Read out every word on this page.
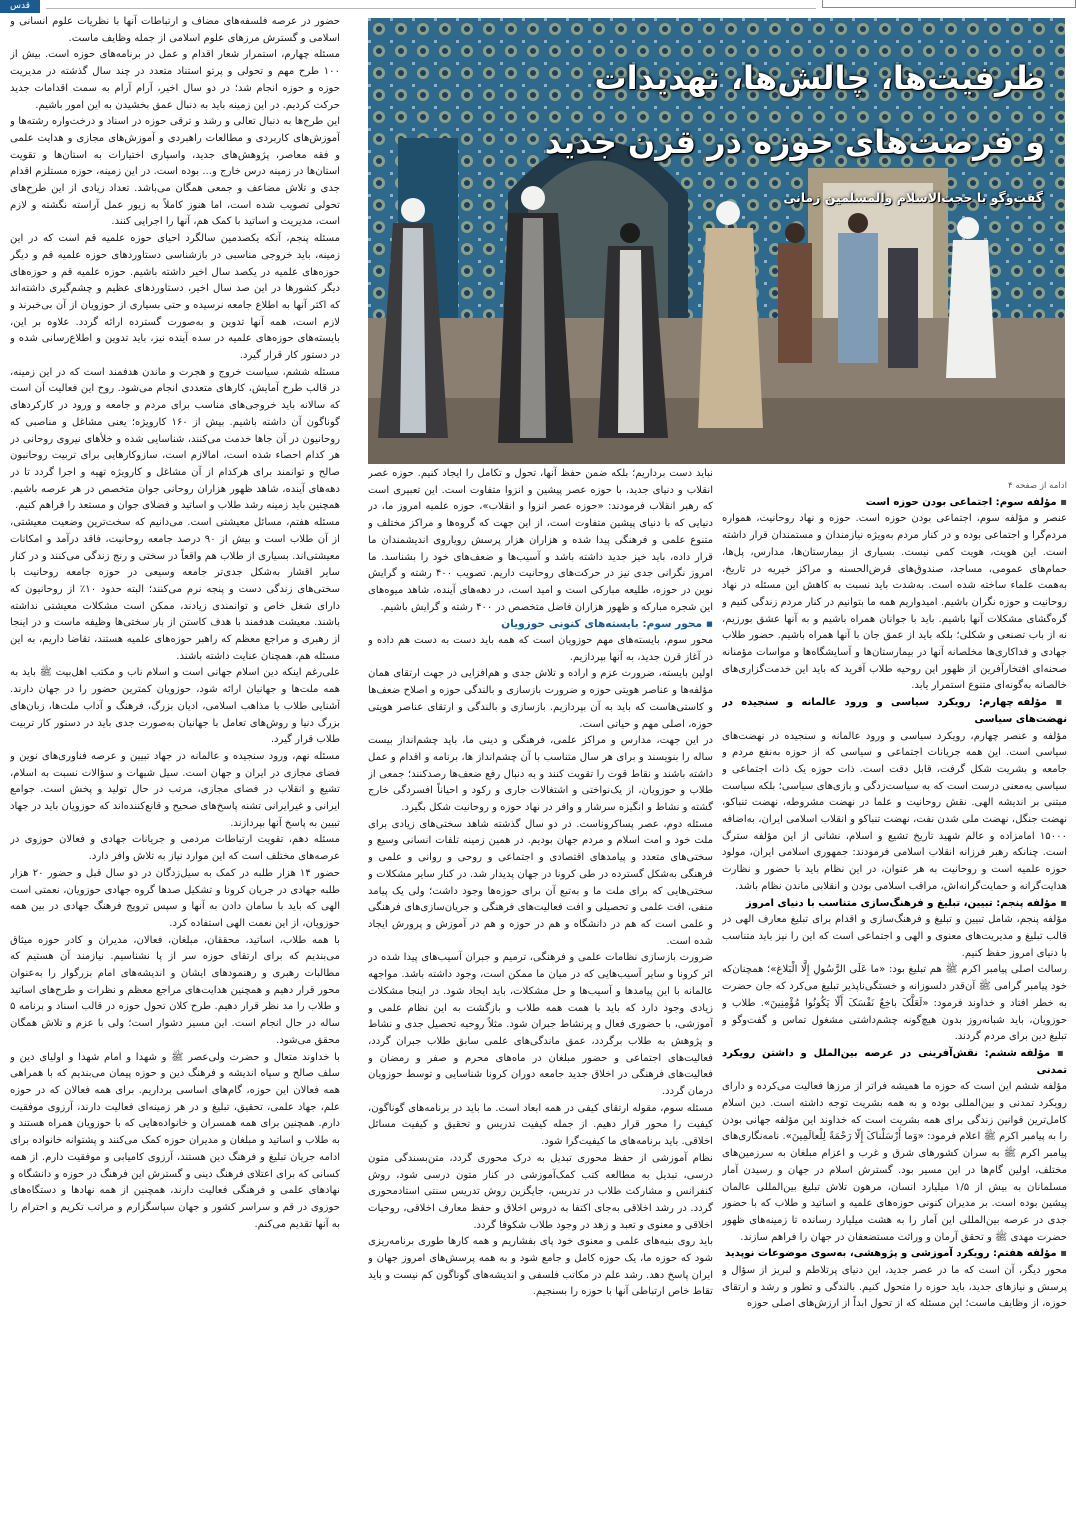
قدس
ظرفیت‌ها، چالش‌ها، تهدیدات
و فرصت‌های حوزه در قرن جدید
گفت‌وگو با حجت‌الاسلام والمسلمین زمانی

حضور در عرصه فلسفه‌های مضاف و ارتباطات آنها با نظریات علوم انسانی و اسلامی و گسترش مرزهای علوم اسلامی از جمله وظایف ماست.

مسئله چهارم، استمرار شعار اقدام و عمل در برنامه‌های حوزه است. بیش از ۱۰۰ طرح مهم و تحولی و پرتو استناد متعدد در چند سال گذشته در مدیریت حوزه و حوزه انجام شد؛ در دو سال اخیر، آرام آرام به سمت اقدامات جدید حرکت کردیم. در این زمینه باید به دنبال عمق بخشیدن به این امور باشیم.

این طرح‌ها به دنبال تعالی و رشد و ترقی حوزه در اسناد و درخت‌واره رشته‌ها و آموزش‌های کاربردی و مطالعات راهبردی و آموزش‌های مجازی و هدایت علمی و فقه معاصر، پژوهش‌های جدید، واسپاری اختیارات به استان‌ها و تقویت استان‌ها در زمینه درس خارج و... بوده است. در این زمینه، حوزه مستلزم اقدام جدی و تلاش مضاعف و جمعی همگان می‌باشد. تعداد زیادی از این طرح‌های تحولی تصویب شده است، اما هنوز کاملاً به زیور عمل آراسته نگشته و لازم است، مدیریت و اساتید با کمک هم، آنها را اجرایی کنند.

مسئله پنجم، آنکه یکصدمین سالگرد احیای حوزه علمیه قم است که در این زمینه، باید خروجی مناسبی در بازشناسی دستاوردهای حوزه علمیه قم و دیگر حوزه‌های علمیه در یکصد سال اخیر داشته باشیم. حوزه علمیه قم و حوزه‌های دیگر کشورها در این صد سال اخیر، دستاوردهای عظیم و چشم‌گیری داشته‌اند که اکثر آنها به اطلاع جامعه نرسیده و حتی بسیاری از حوزویان از آن بی‌خبرند و لازم است، همه آنها تدوین و به‌صورت گسترده ارائه گردد. علاوه بر این، بایسته‌های حوزه‌های علمیه در سده آینده نیز، باید تدوین و اطلاع‌رسانی شده و در دستور کار قرار گیرد.

مسئله ششم، سیاست خروج و هجرت و ماندن هدفمند است که در این زمینه، در قالب طرح آمایش، کارهای متعددی انجام می‌شود. روح این فعالیت آن است که سالانه باید خروجی‌های مناسب برای مردم و جامعه و ورود در کارکردهای گوناگون آن داشته باشیم. بیش از ۱۶۰ کارویژه؛ یعنی مشاغل و مناصبی که روحانیون در آن جاها خدمت می‌کنند، شناسایی شده و خلأهای نیروی روحانی در هر کدام احصاء شده است، امالازم است، سازوکارهایی برای تربیت روحانیون صالح و توانمند برای هرکدام از آن مشاغل و کارویژه تهیه و اجرا گردد تا در دهه‌های آینده، شاهد ظهور هزاران روحانی جوان متخصص در هر عرصه باشیم. همچنین باید زمینه رشد طلاب و اساتید و فضلای جوان و مستعد را فراهم کنیم.

مسئله هفتم، مسائل معیشتی است. می‌دانیم که سخت‌ترین وضعیت معیشتی، از آن طلاب است و بیش از ۹۰ درصد جامعه روحانیت، فاقد درآمد و امکانات معیشتی‌اند. بسیاری از طلاب هم واقعاً در سختی و رنج زندگی می‌کنند و در کنار سایر اقشار به‌شکل جدی‌تر جامعه وسیعی در حوزه جامعه روحانیت با سختی‌های زندگی دست و پنجه نرم می‌کنند؛ البته حدود ۱۰٪ از روحانیون که دارای شغل خاص و توانمندی زیادند، ممکن است مشکلات معیشتی نداشته باشند. معیشت هدفمند با هدف کاستن از بار سختی‌ها وظیفه ماست و در اینجا از رهبری و مراجع معظم که راهبر حوزه‌های علمیه هستند، تقاضا داریم، به این مسئله هم، همچنان عنایت داشته باشند.

علی‌رغم اینکه دین اسلام جهانی است و اسلام ناب و مکتب اهل‌بیت ﷺ باید به همه ملت‌ها و جهانیان ارائه شود، حوزویان کمترین حضور را در جهان دارند. آشنایی طلاب با مذاهب اسلامی، ادیان بزرگ، فرهنگ و آداب ملت‌ها، زبان‌های بزرگ دنیا و روش‌های تعامل با جهانیان به‌صورت جدی باید در دستور کار تربیت طلاب قرار گیرد.

مسئله نهم، ورود سنجیده و عالمانه در جهاد تبیین و عرصه فناوری‌های نوین و فضای مجازی در ایران و جهان است. سیل شبهات و سؤالات نسبت به اسلام، تشیع و انقلاب در فضای مجازی، مرتب در حال تولید و پخش است. جوامع ایرانی و غیرایرانی تشنه پاسخ‌های صحیح و قانع‌کننده‌اند که حوزویان باید در جهاد تبیین به پاسخ آنها بپردازند.

مسئله دهم، تقویت ارتباطات مردمی و جریانات جهادی و فعالان حوزوی در عرصه‌های مختلف است که این موارد نیاز به تلاش وافر دارد.

حضور ۱۴ هزار طلبه در کمک به سیل‌زدگان در دو سال قبل و حضور ۲۰ هزار طلبه جهادی در جریان کرونا و تشکیل صدها گروه جهادی حوزویان، نعمتی است الهی که باید با سامان دادن به آنها و سپس ترویج فرهنگ جهادی در بین همه حوزویان، از این نعمت الهی استفاده کرد.

با همه طلاب، اساتید، محققان، مبلغان، فعالان، مدیران و کادر حوزه میثاق می‌بندیم که برای ارتقای حوزه سر از پا نشناسیم. نیازمند آن هستیم که مطالبات رهبری و رهنمودهای ایشان و اندیشه‌های امام بزرگوار را به‌عنوان محور قرار دهیم و همچنین هدایت‌های مراجع معظم و نظرات و طرح‌های اساتید و طلاب را مد نظر قرار دهیم. طرح کلان تحول حوزه در قالب اسناد و برنامه ۵ ساله در حال انجام است. این مسیر دشوار است؛ ولی با عزم و تلاش همگان محقق می‌شود.

با خداوند متعال و حضرت ولی‌عصر ﷺ و شهدا و امام شهدا و اولیای دین و سلف صالح و سپاه اندیشه و فرهنگ دین و حوزه پیمان می‌بندیم که با همراهی همه فعالان این حوزه، گام‌های اساسی برداریم. برای همه فعالان که در حوزه علم، جهاد علمی، تحقیق، تبلیغ و در هر زمینه‌ای فعالیت دارند، آرزوی موفقیت دارم. همچنین برای همه همسران و خانواده‌هایی که با حوزویان همراه هستند و به طلاب و اساتید و مبلغان و مدیران حوزه کمک می‌کنند و پشتوانه خانواده برای ادامه جریان تبلیغ و فرهنگ دین هستند، آرزوی کامیابی و موفقیت دارم. از همه کسانی که برای اعتلای فرهنگ دینی و گسترش این فرهنگ در حوزه و دانشگاه و نهادهای علمی و فرهنگی فعالیت دارند، همچنین از همه نهادها و دستگاه‌های حوزوی در قم و سراسر کشور و جهان سپاسگزارم و مراتب تکریم و احترام را به آنها تقدیم می‌کنم.

نباید دست برداریم؛ بلکه ضمن حفظ آنها، تحول و تکامل را ایجاد کنیم. حوزه عصر انقلاب و دنیای جدید، با حوزه عصر پیشین و انزوا متفاوت است. این تعبیری است که رهبر انقلاب فرمودند: «حوزه عصر انزوا و انقلاب»، حوزه علمیه امروز ما، در دنیایی که با دنیای پیشین متفاوت است، از این جهت که گروه‌ها و مراکز مختلف و متنوع علمی و فرهنگی پیدا شده و هزاران هزار پرسش رویاروی اندیشمندان ما قرار داده، باید خیز جدید داشته باشد و آسیب‌ها و ضعف‌های خود را بشناسد. ما امروز نگرانی جدی نیز در حرکت‌های روحانیت داریم. تصویب ۴۰۰ رشته و گرایش نوین در حوزه، طلیعه مبارکی است و امید است، در دهه‌های آینده، شاهد میوه‌های این شجره مبارکه و ظهور هزاران فاضل متخصص در ۴۰۰ رشته و گرایش باشیم.

▪ محور سوم: بایسته‌های کنونی حوزویان

محور سوم، بایسته‌های مهم حوزویان است که همه باید دست به دست هم داده و در آغاز قرن جدید، به آنها بپردازیم.

اولین بایسته، ضرورت عزم و اراده و تلاش جدی و هم‌افزایی در جهت ارتقای همان مؤلفه‌ها و عناصر هویتی حوزه و ضرورت بازسازی و بالندگی حوزه و اصلاح ضعف‌ها و کاستی‌هاست که باید به آن بپردازیم. بازسازی و بالندگی و ارتقای عناصر هویتی حوزه، اصلی مهم و حیاتی است.

در این جهت، مدارس و مراکز علمی، فرهنگی و دینی ما، باید چشم‌انداز بیست ساله را بنویسند و برای هر سال متناسب با آن چشم‌انداز ها، برنامه و اقدام و عمل داشته باشند و نقاط قوت را تقویت کنند و به دنبال رفع ضعف‌ها رصدکنند؛ جمعی از طلاب و حوزویان، از یک‌نواختی و اشتغالات جاری و رکود و احیاناً افسردگی خارج گشته و نشاط و انگیزه سرشار و وافر در نهاد حوزه و روحانیت شکل بگیرد.

مسئله دوم، عصر پساکروناست. در دو سال گذشته شاهد سختی‌های زیادی برای ملت خود و امت اسلام و مردم جهان بودیم. در همین زمینه تلفات انسانی وسیع و سختی‌های متعدد و پیامدهای اقتصادی و اجتماعی و روحی و روانی و علمی و فرهنگی به‌شکل گسترده در طی کرونا در جهان پدیدار شد. در کنار سایر مشکلات و سختی‌هایی که برای ملت ما و به‌تبع آن برای حوزه‌ها وجود داشت؛ ولی یک پیامد منفی، افت علمی و تحصیلی و افت فعالیت‌های فرهنگی و جریان‌سازی‌های فرهنگی و علمی است که هم در دانشگاه و هم در حوزه و هم در آموزش و پرورش ایجاد شده است.

ضرورت بازسازی نظامات علمی و فرهنگی، ترمیم و جبران آسیب‌های پیدا شده در اثر کرونا و سایر آسیب‌هایی که در میان ما ممکن است، وجود داشته باشد. مواجهه عالمانه با این پیامدها و آسیب‌ها و حل مشکلات، باید ایجاد شود. در اینجا مشکلات زیادی وجود دارد که باید با همت همه طلاب و بازگشت به این نظام علمی و آموزشی، با حضوری فعال و پرنشاط جبران شود. مثلاً روحیه تحصیل جدی و نشاط و پژوهش به طلاب برگردد، عمق ماندگی‌های علمی سابق طلاب جبران گردد، فعالیت‌های اجتماعی و حضور مبلغان در ماه‌های محرم و صفر و رمضان و فعالیت‌های فرهنگی در اخلاق جدید جامعه دوران کرونا شناسایی و توسط حوزویان درمان گردد.

مسئله سوم، مقوله ارتقای کیفی در همه ابعاد است. ما باید در برنامه‌های گوناگون، کیفیت را محور قرار دهیم. از جمله کیفیت تدریس و تحقیق و کیفیت مسائل اخلاقی. باید برنامه‌های ما کیفیت‌گرا شود.

نظام آموزشی از حفظ محوری تبدیل به درک محوری گردد، متن‌بسندگی متون درسی، تبدیل به مطالعه کتب کمک‌آموزشی در کنار متون درسی شود، روش کنفرانس و مشارکت طلاب در تدریس، جایگزین روش تدریس سنتی استادمحوری گردد. در رشد اخلاقی به‌جای اکتفا به دروس اخلاق و حفظ معارف اخلاقی، روحیات اخلاقی و معنوی و تعبد و زهد در وجود طلاب شکوفا گردد.

باید روی بنیه‌های علمی و معنوی خود پای بفشاریم و همه کارها طوری برنامه‌ریزی شود که حوزه ما، یک حوزه کامل و جامع شود و به همه پرسش‌های امروز جهان و ایران پاسخ دهد. رشد علم در مکاتب فلسفی و اندیشه‌های گوناگون کم نیست و باید تقاط خاص ارتباطی آنها با حوزه را بسنجیم.

ادامه از صفحه ۴

▪ مؤلفه سوم: اجتماعی بودن حوزه است

عنصر و مؤلفه سوم، اجتماعی بودن حوزه است. حوزه و نهاد روحانیت، همواره مردم‌گرا و اجتماعی بوده و در کنار مردم به‌ویژه نیازمندان و مستمندان قرار داشته است. این هویت، هویت کمی نیست. بسیاری از بیمارستان‌ها، مدارس، پل‌ها، حمام‌های عمومی، مساجد، صندوق‌های قرض‌الحسنه و مراکز خیریه در تاریخ، به‌همت علماء ساخته شده است. به‌شدت باید نسبت به کاهش این مسئله در نهاد روحانیت و حوزه نگران باشیم. امیدواریم همه ما بتوانیم در کنار مردم زندگی کنیم و گره‌گشای مشکلات آنها باشیم. باید با جوانان همراه باشیم و به آنها عشق بورزیم، نه از باب تصنعی و شکلی؛ بلکه باید از عمق جان با آنها همراه باشیم. حضور طلاب جهادی و فداکاری‌ها مخلصانه آنها در بیمارستان‌ها و آسایشگاه‌ها و مواسات مؤمنانه صحنه‌ای افتخارآفرین از ظهور این روحیه طلاب آفرید که باید این خدمت‌گزاری‌های خالصانه به‌گونه‌ای متنوع استمرار یابد.

▪ مؤلفه چهارم: رویکرد سیاسی و ورود عالمانه و سنجیده در نهضت‌های سیاسی

مؤلفه و عنصر چهارم، رویکرد سیاسی و ورود عالمانه و سنجیده در نهضت‌های سیاسی است. این همه جریانات اجتماعی و سیاسی که از حوزه به‌نفع مردم و جامعه و بشریت شکل گرفت، قابل دقت است. ذات حوزه یک ذات اجتماعی و سیاسی به‌معنی درست است که به سیاست‌زدگی و بازی‌های سیاسی؛ بلکه سیاست مبتنی بر اندیشه الهی. نقش روحانیت و علما در نهضت مشروطه، نهضت تنباکو، نهضت جنگل، نهضت ملی شدن نفت، نهضت تنباکو و انقلاب اسلامی ایران، به‌اضافه ۱۵۰۰۰ امامزاده و عالم شهید تاریخ تشیع و اسلام، نشانی از این مؤلفه سترگ است. چنانکه رهبر فرزانه انقلاب اسلامی فرمودند: جمهوری اسلامی ایران، مولود حوزه علمیه است و روحانیت به هر عنوان، در این نظام باید با حضور و نظارت هدایت‌گرانه و حمایت‌گرانه‌اش، مراقب اسلامی بودن و انقلابی ماندن نظام باشد.

▪ مؤلفه پنجم: تبیین، تبلیغ و فرهنگ‌سازی متناسب با دنیای امروز

مؤلفه پنجم، شامل تبیین و تبلیغ و فرهنگ‌سازی و اقدام برای تبلیغ معارف الهی در قالب تبلیغ و مدیریت‌های معنوی و الهی و اجتماعی است که این را نیز باید متناسب با دنیای امروز حفظ کنیم.

رسالت اصلی پیامبر اکرم ﷺ هم تبلیغ بود: «ما عَلَی الرَّسُولِ إِلَّا الْبَلاغ»؛ همچنان‌که خود پیامبر گرامی ﷺ آن‌قدر دلسوزانه و خستگی‌ناپذیر تبلیغ می‌کرد که جان حضرت به خطر افتاد و خداوند فرمود: «لَعَلَّکَ باخِعٌ نَفْسَکَ أَلّا یَکُونُوا مُؤْمِنِینَ». طلاب و حوزویان، باید شبانه‌روز بدون هیچ‌گونه چشم‌داشتی مشغول تماس و گفت‌وگو و تبلیغ دین برای مردم گردند.

▪ مؤلفه ششم: نقش‌آفرینی در عرصه بین‌الملل و داشتن رویکرد تمدنی

مؤلفه ششم این است که حوزه ما همیشه فراتر از مرزها فعالیت می‌کرده و دارای رویکرد تمدنی و بین‌المللی بوده و به همه بشریت توجه داشته است. دین اسلام کامل‌ترین قوانین زندگی برای همه بشریت است که خداوند این مؤلفه جهانی بودن را به پیامبر اکرم ﷺ اعلام فرمود: «وَما أَرْسَلْناکَ إِلّا رَحْمَةً لِلْعالَمِینَ». نامه‌نگاری‌های پیامبر اکرم ﷺ به سران کشورهای شرق و غرب و اعزام مبلغان به سرزمین‌های مختلف، اولین گام‌ها در این مسیر بود. گسترش اسلام در جهان و رسیدن آمار مسلمانان به بیش از ۱/۵ میلیارد انسان، مرهون تلاش تبلیغ بین‌المللی عالمان پیشین بوده است. بر مدیران کنونی حوزه‌های علمیه و اساتید و طلاب که با حضور جدی در عرصه بین‌المللی این آمار را به هشت میلیارد رسانده تا زمینه‌های ظهور حضرت مهدی ﷺ و تحقق آرمان و وراثت مستضعفان در جهان را فراهم سازند.

▪ مؤلفه هفتم: رویکرد آموزشی و پژوهشی، به‌سوی موضوعات نوپدید

محور دیگر، آن است که ما در عصر جدید، این دنیای پرتلاطم و لبریز از سؤال و پرسش و نیازهای جدید، باید حوزه را متحول کنیم. بالندگی و تطور و رشد و ارتقای حوزه، از وظایف ماست؛ این مسئله که از تحول ابداً از ارزش‌های اصلی حوزه
